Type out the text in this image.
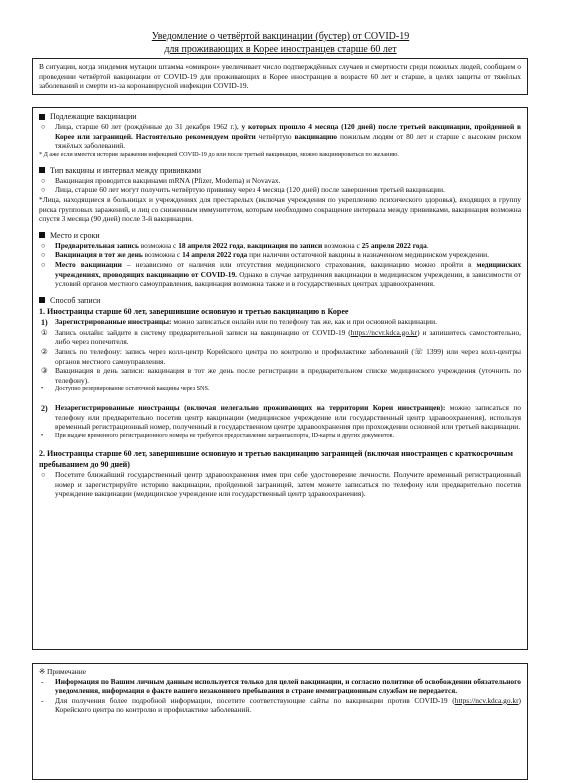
Уведомление о четвёртой вакцинации (бустер) от COVID-19
для проживающих в Корее иностранцев старше 60 лет
В ситуации, когда эпидемия мутации штамма «омикрон» увеличивает число подтверждённых случаев и смертности среди пожилых людей, сообщаем о проведении четвёртой вакцинации от COVID-19 для проживающих в Корее иностранцев в возрасте 60 лет и старше, в целях защиты от тяжёлых заболеваний и смерти из-за коронавирусной инфекции COVID-19.
Подлежащие вакцинации
○	Лица, старше 60 лет (рождённые до 31 декабря 1962 г.), у которых прошло 4 месяца (120 дней) после третьей вакцинации, пройденной в Корее или заграницей. Настоятельно рекомендуем пройти четвёртую вакцинацию пожилым людям от 80 лет и старше с высоким риском тяжёлых заболеваний.
* Д аже если имеется история заражения инфекцией COVID-19 до или после третьей вакцинации, можно вакцинироваться по желанию.
Тип вакцины и интервал между прививками
○	Вакцинация проводится вакцинами mRNA (Pfizer, Moderna) и Novavax.
○	Лица, старше 60 лет могут получить четвёртую прививку через 4 месяца (120 дней) после завершения третьей вакцинации.
*Лица, находящиеся в больницах и учреждениях для престарелых (включая учреждения по укреплению психического здоровья), входящих в группу риска групповых заражений, и лиц со сниженным иммунитетом, которым необходимо сокращение интервала между прививками, вакцинация возможна спустя 3 месяца (90 дней) после 3-й вакцинации.
Место и сроки
○	Предварительная запись возможна с 18 апреля 2022 года, вакцинация по записи возможна с 25 апреля 2022 года.
○	Вакцинация в тот же день возможна с 14 апреля 2022 года при наличии остаточной вакцины в назначенном медицинском учреждении.
○	Место вакцинации – независимо от наличия или отсутствия медицинского страхования, вакцинацию можно пройти в медицинских учреждениях, проводящих вакцинацию от COVID-19. Однако в случае затруднения вакцинации в медицинском учреждении, в зависимости от условий органов местного самоуправления, вакцинация возможна также и в государственных центрах здравоохранения.
Способ записи
1. Иностранцы старше 60 лет, завершившие основную и третью вакцинацию в Корее
1) Зарегистрированные иностранцы: можно записаться онлайн или по телефону так же, как и при основной вакцинации.
① Запись онлайн: зайдите в систему предварительной записи на вакцинацию от COVID-19 (https://ncvr.kdca.go.kr) и запишитесь самостоятельно, либо через попечителя.
② Запись по телефону: запись через колл-центр Корейского центра по контролю и профилактике заболеваний (☏ 1399) или через колл-центры органов местного самоуправления.
③ Вакцинация в день записи: вакцинация в тот же день после регистрации в предварительном списке медицинского учреждения (уточнить по телефону).
•	Доступно резервирование остаточной вакцины через SNS.
2) Незарегистрированные иностранцы (включая нелегально проживающих на территории Кореи иностранцев): можно записаться по телефону или предварительно посетив центр вакцинации (медицинское учреждение или государственный центр здравоохранения), используя временный регистрационный номер, полученный в государственном центре здравоохранения при прохождении основной или третьей вакцинации.
•	При выдаче временного регистрационного номера не требуется предоставление загранпаспорта, ID-карты и других документов.
2. Иностранцы старше 60 лет, завершившие основную и третью вакцинацию заграницей (включая иностранцев с краткосрочным пребыванием до 90 дней)
○	Посетите ближайший государственный центр здравоохранения имея при себе удостоверение личности. Получите временный регистрационный номер и зарегистрируйте историю вакцинации, пройденной заграницей, затем можете записаться по телефону или предварительно посетив учреждение вакцинации (медицинское учреждение или государственный центр здравоохранения).
※ Примечание
-	Информация по Вашим личным данным используется только для целей вакцинации, и согласно политике об освобождении обязательного уведомления, информация о факте вашего незаконного пребывания в стране иммиграционным службам не передается.
-	Для получения более подробной информации, посетите соответствующие сайты по вакцинации против COVID-19 (https://ncv.kdca.go.kr) Корейского центра по контролю и профилактике заболеваний.
